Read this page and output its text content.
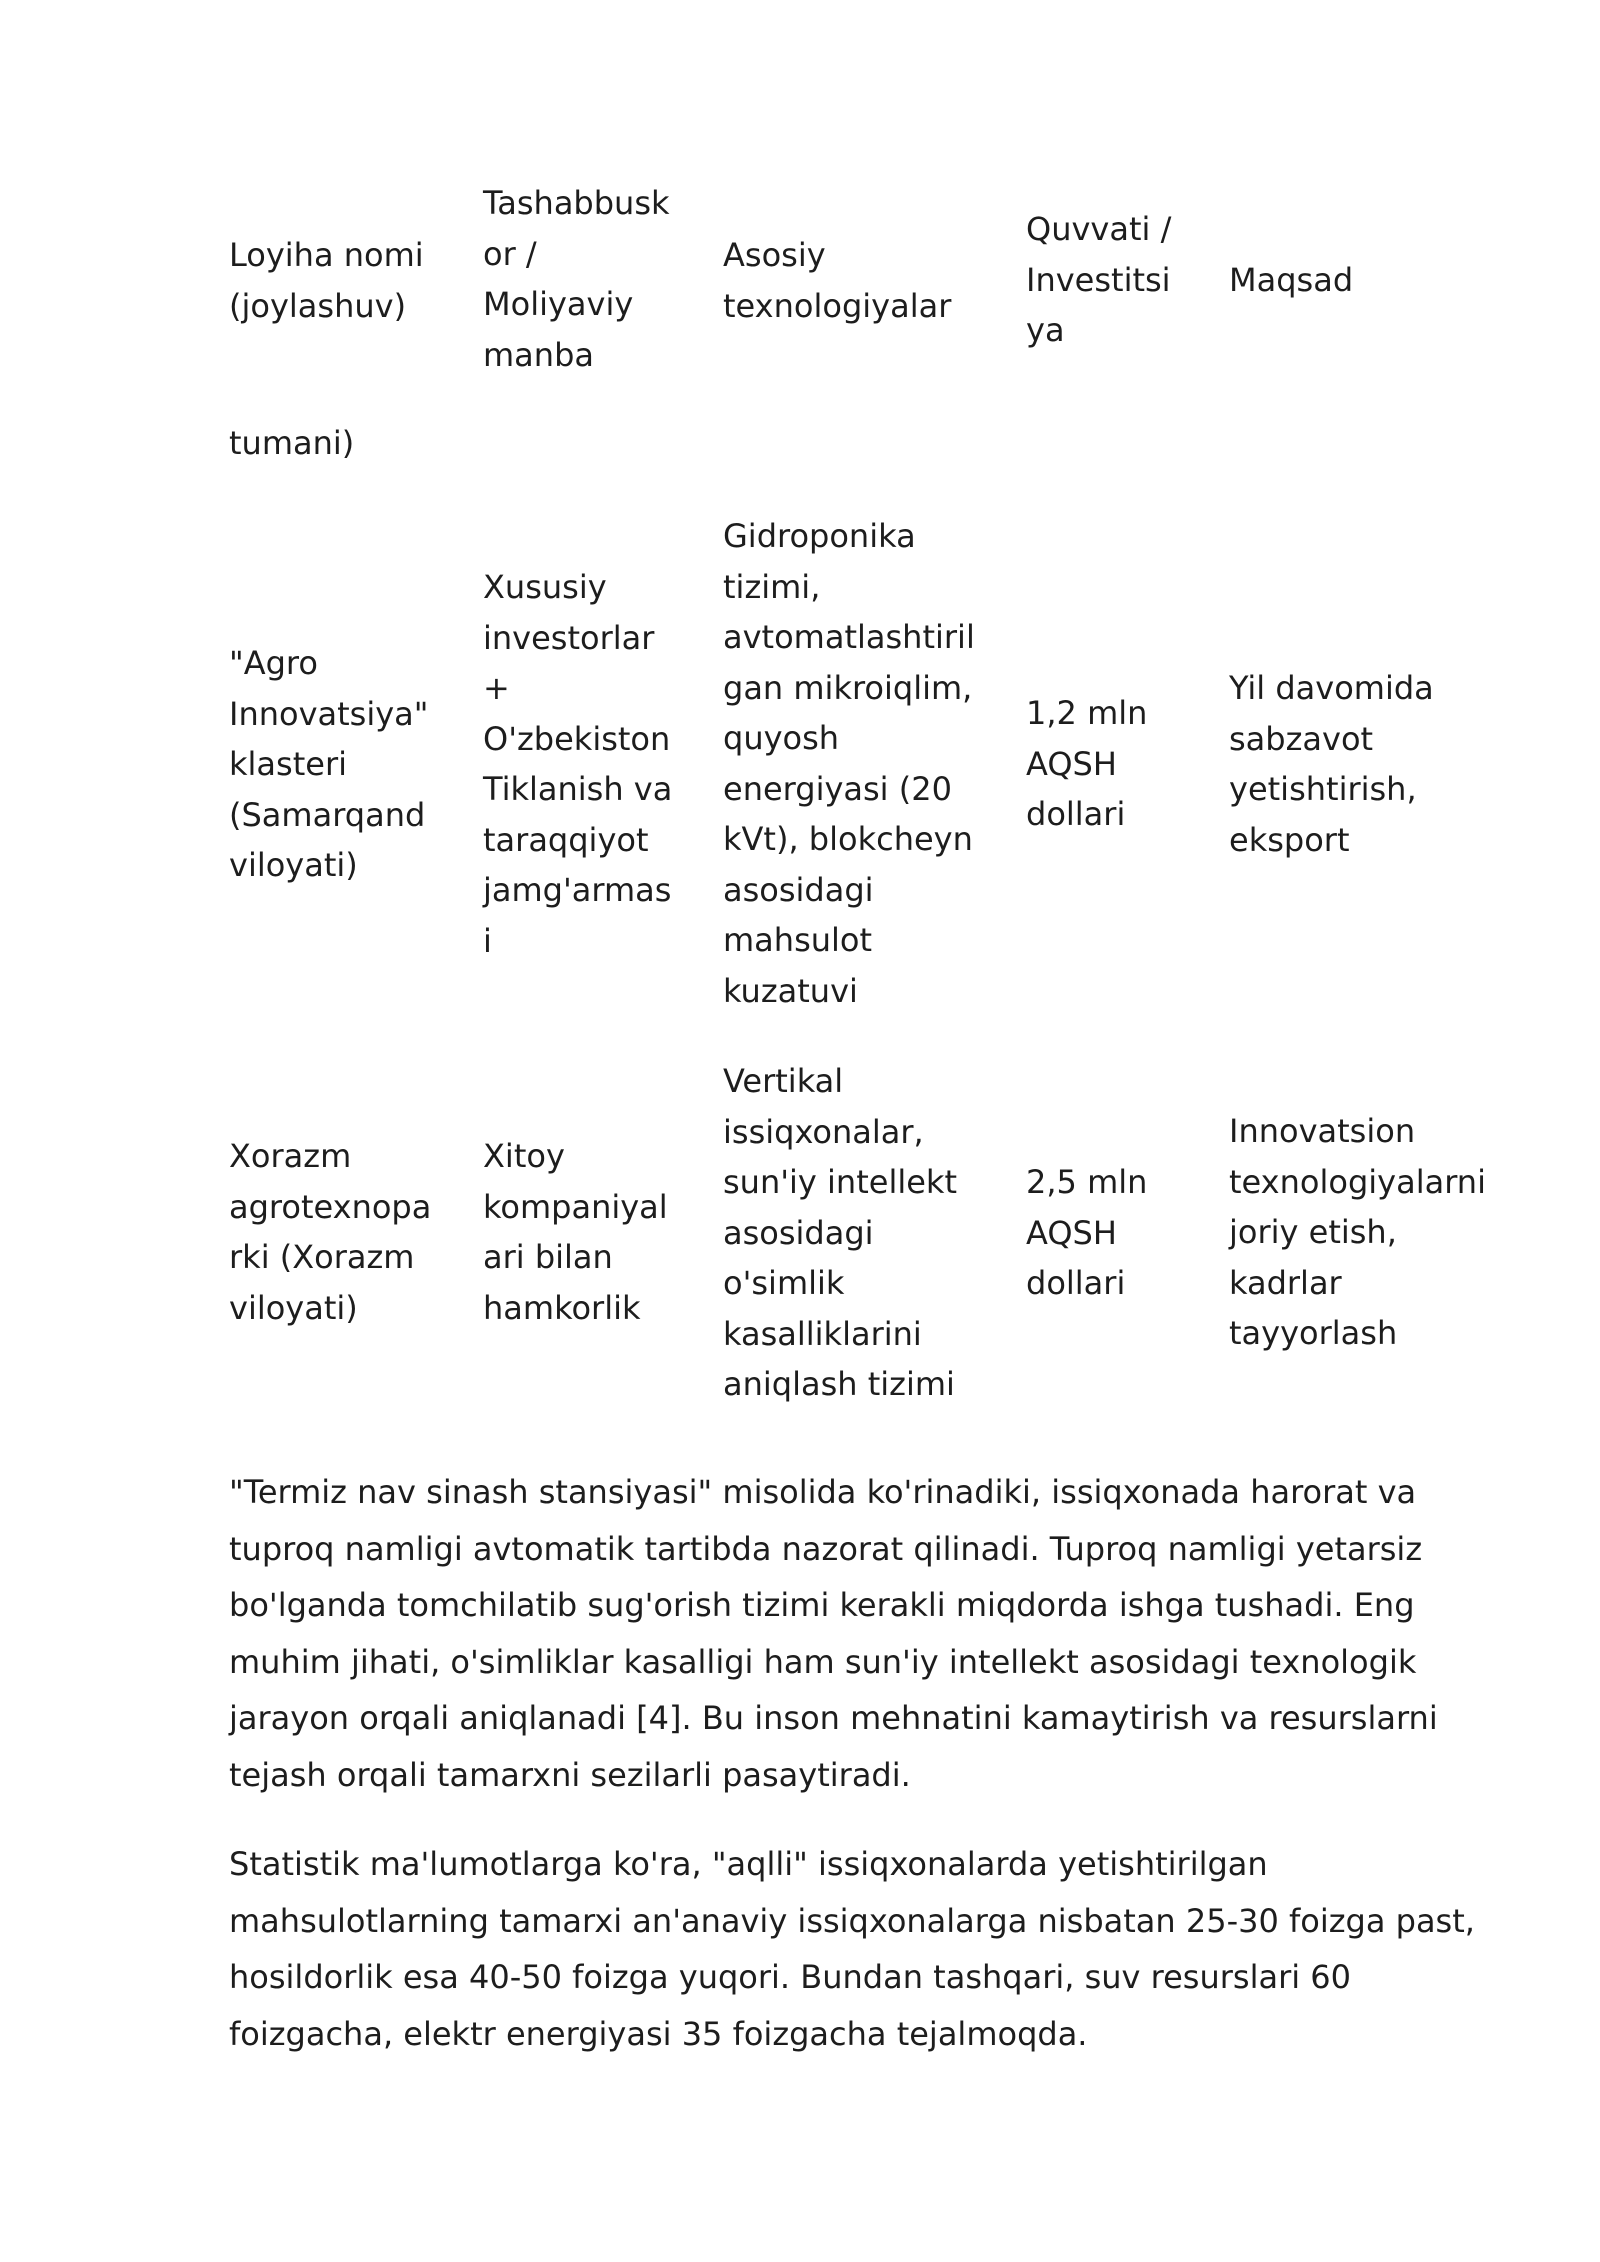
Loyiha nomi
(joylashuv)

Tashabbusk
or /
Moliyaviy
manba

Asosiy
texnologiyalar

Quvvati /
Investitsi
ya

Maqsad

tumani)

"Agro
Innovatsiya"
klasteri
(Samarqand
viloyati)

Xususiy
investorlar
+
O'zbekiston
Tiklanish va
taraqqiyot
jamg'armas
i

Gidroponika
tizimi,
avtomatlashtiril
gan mikroiqlim,
quyosh
energiyasi (20
kVt), blokcheyn
asosidagi
mahsulot
kuzatuvi

1,2 mln
AQSH
dollari

Yil davomida
sabzavot
yetishtirish,
eksport

Xorazm
agrotexnopa
rki (Xorazm
viloyati)

Xitoy
kompaniyal
ari bilan
hamkorlik

Vertikal
issiqxonalar,
sun'iy intellekt
asosidagi
o'simlik
kasalliklarini
aniqlash tizimi

2,5 mln
AQSH
dollari

Innovatsion
texnologiyalarni
joriy etish,
kadrlar
tayyorlash

"Termiz nav sinash stansiyasi" misolida ko'rinadiki, issiqxonada harorat va tuproq namligi avtomatik tartibda nazorat qilinadi. Tuproq namligi yetarsiz bo'lganda tomchilatib sug'orish tizimi kerakli miqdorda ishga tushadi. Eng muhim jihati, o'simliklar kasalligi ham sun'iy intellekt asosidagi texnologik jarayon orqali aniqlanadi [4]. Bu inson mehnatini kamaytirish va resurslarni tejash orqali tamarxni sezilarli pasaytiradi.

Statistik ma'lumotlarga ko'ra, "aqlli" issiqxonalarda yetishtirilgan mahsulotlarning tamarxi an'anaviy issiqxonalarga nisbatan 25-30 foizga past, hosildorlik esa 40-50 foizga yuqori. Bundan tashqari, suv resurslari 60 foizgacha, elektr energiyasi 35 foizgacha tejalmoqda.
